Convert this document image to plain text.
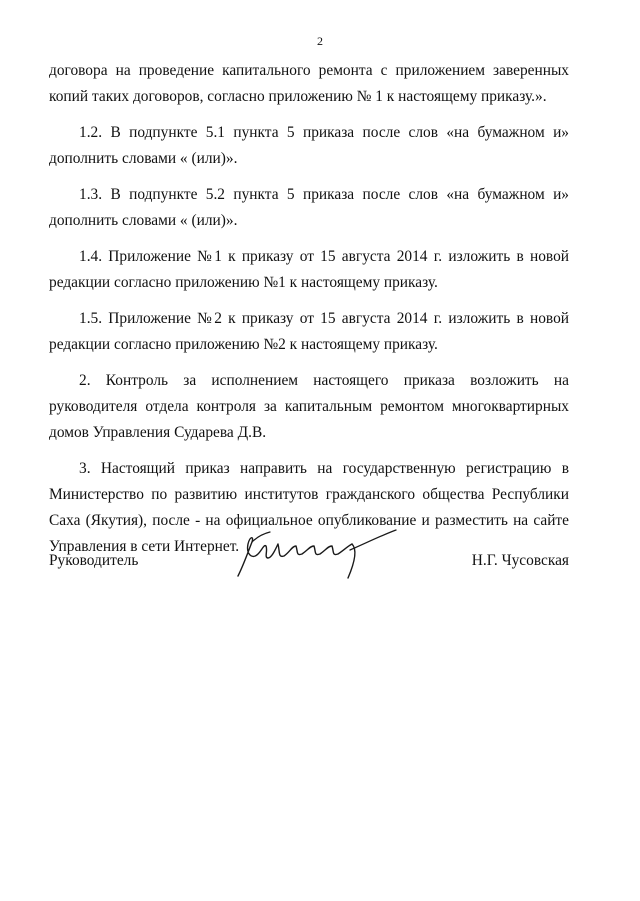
2

договора на проведение капитального ремонта с приложением заверенных копий таких договоров, согласно приложению № 1 к настоящему приказу.».

1.2. В подпункте 5.1 пункта 5 приказа после слов «на бумажном и» дополнить словами « (или)».

1.3. В подпункте 5.2 пункта 5 приказа после слов «на бумажном и» дополнить словами « (или)».

1.4. Приложение №1 к приказу от 15 августа 2014 г. изложить в новой редакции согласно приложению №1 к настоящему приказу.

1.5. Приложение №2 к приказу от 15 августа 2014 г. изложить в новой редакции согласно приложению №2 к настоящему приказу.

2. Контроль за исполнением настоящего приказа возложить на руководителя отдела контроля за капитальным ремонтом многоквартирных домов Управления Сударева Д.В.

3. Настоящий приказ направить на государственную регистрацию в Министерство по развитию институтов гражданского общества Республики Саха (Якутия), после - на официальное опубликование и разместить на сайте Управления в сети Интернет.

Руководитель	Н.Г. Чусовская
